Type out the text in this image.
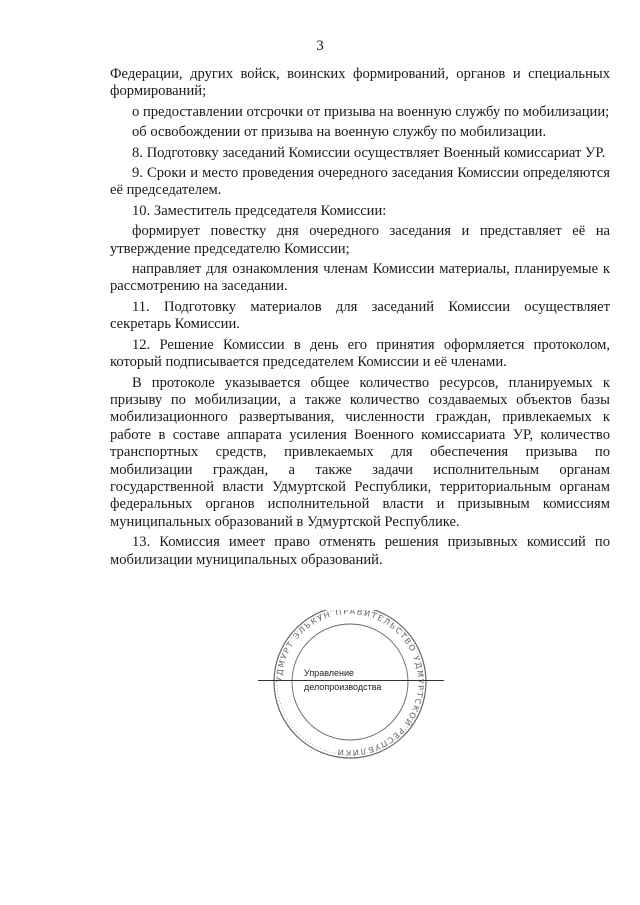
3

Федерации, других войск, воинских формирований, органов и специальных формирований;

о предоставлении отсрочки от призыва на военную службу по мобилизации;

об освобождении от призыва на военную службу по мобилизации.

8. Подготовку заседаний Комиссии осуществляет Военный комиссариат УР.

9. Сроки и место проведения очередного заседания Комиссии определяются её председателем.

10. Заместитель председателя Комиссии:

формирует повестку дня очередного заседания и представляет её на утверждение председателю Комиссии;

направляет для ознакомления членам Комиссии материалы, планируемые к рассмотрению на заседании.

11. Подготовку материалов для заседаний Комиссии осуществляет секретарь Комиссии.

12. Решение Комиссии в день его принятия оформляется протоколом, который подписывается председателем Комиссии и её членами.

В протоколе указывается общее количество ресурсов, планируемых к призыву по мобилизации, а также количество создаваемых объектов базы мобилизационного развертывания, численности граждан, привлекаемых к работе в составе аппарата усиления Военного комиссариата УР, количество транспортных средств, привлекаемых для обеспечения призыва по мобилизации граждан, а также задачи исполнительным органам государственной власти Удмуртской Республики, территориальным органам федеральных органов исполнительной власти и призывным комиссиям муниципальных образований в Удмуртской Республике.

13. Комиссия имеет право отменять решения призывных комиссий по мобилизации муниципальных образований.

УДМУРТ ЭЛЬКУН ПРАВИТЕЛЬСТВО УДМУРТСКОЙ РЕСПУБЛИКИ
Управление
делопроизводства
